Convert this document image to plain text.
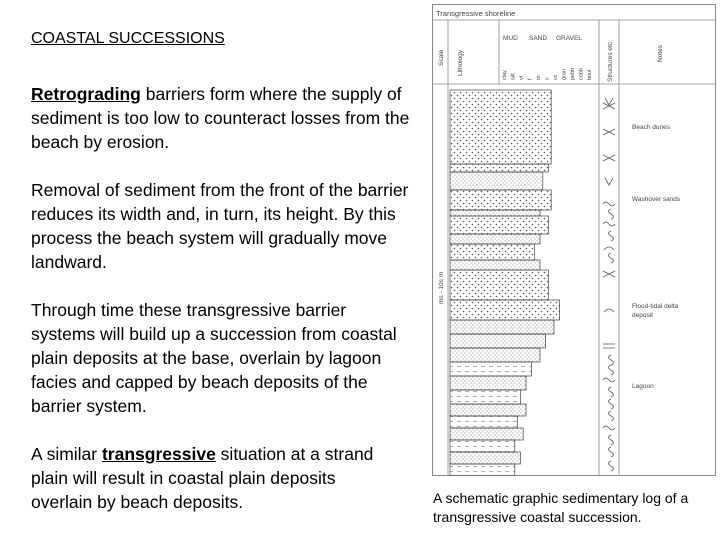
COASTAL SUCCESSIONS

Retrograding barriers form where the supply of sediment is too low to counteract losses from the beach by erosion.

Removal of sediment from the front of the barrier reduces its width and, in turn, its height. By this process the beach system will gradually move landward.

Through time these transgressive barrier systems will build up a succession from coastal plain deposits at the base, overlain by lagoon facies and capped by beach deposits of the barrier system.

A similar transgressive situation at a strand plain will result in coastal plain deposits overlain by beach deposits.

Transgressive shoreline
Scale Lithology	Structures etc	Notes
MUD SAND GRAVEL
clay silt vf f m c vc gran pebb cobb boul
ms - 10s m
Beach dunes
Washover sands
Flood-tidal delta
deposit
Lagoon

A schematic graphic sedimentary log of a transgressive coastal succession.
